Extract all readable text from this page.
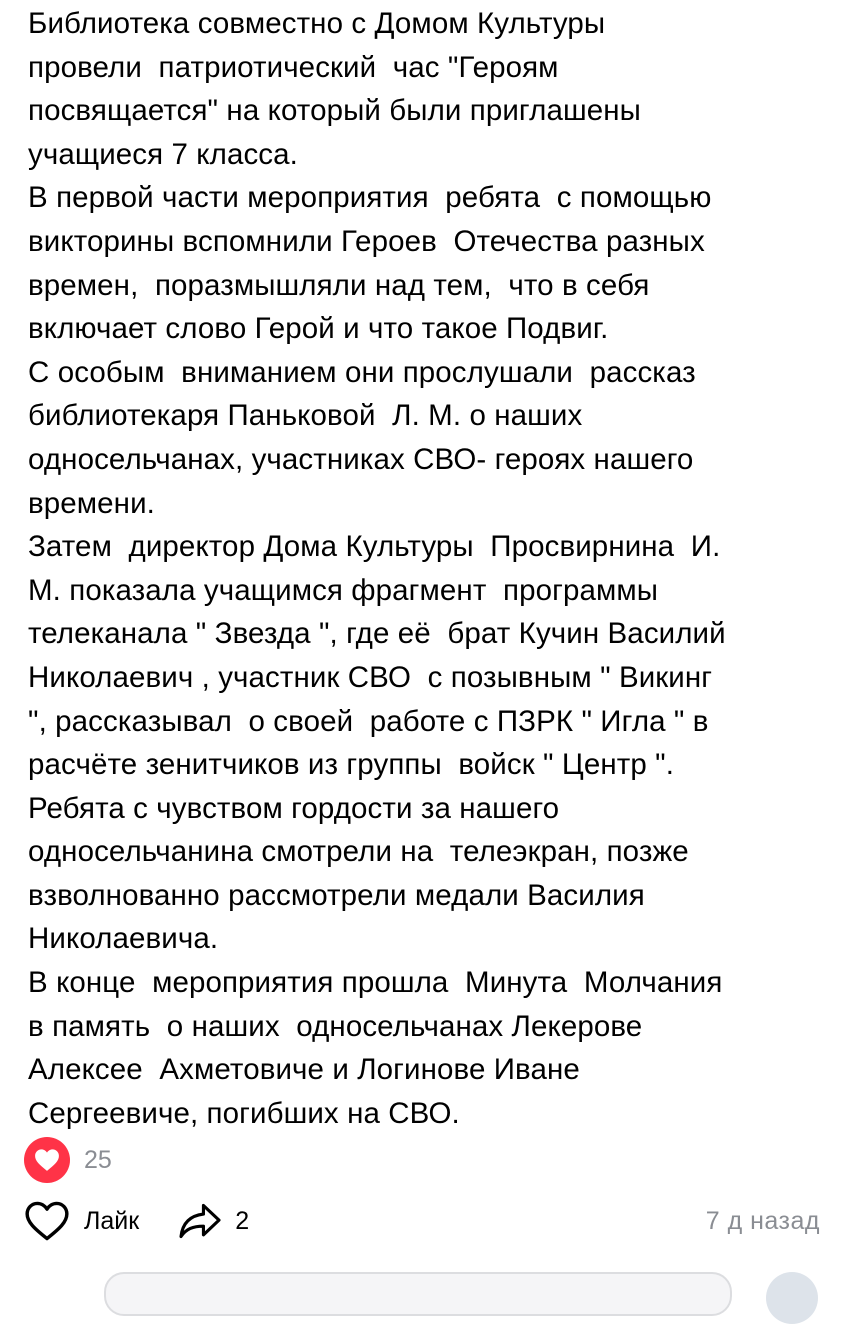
Библиотека совместно с Домом Культуры
провели  патриотический  час "Героям
посвящается" на который были приглашены
учащиеся 7 класса.
В первой части мероприятия  ребята  с помощью
викторины вспомнили Героев  Отечества разных
времен,  поразмышляли над тем,  что в себя
включает слово Герой и что такое Подвиг.
С особым  вниманием они прослушали  рассказ
библиотекаря Паньковой  Л. М. о наших
односельчанах, участниках СВО- героях нашего
времени.
Затем  директор Дома Культуры  Просвирнина  И.
М. показала учащимся фрагмент  программы
телеканала " Звезда ", где её  брат Кучин Василий
Николаевич , участник СВО  с позывным " Викинг
", рассказывал  о своей  работе с ПЗРК " Игла " в
расчёте зенитчиков из группы  войск " Центр ".
Ребята с чувством гордости за нашего
односельчанина смотрели на  телеэкран, позже
взволнованно рассмотрели медали Василия
Николаевича.
В конце  мероприятия прошла  Минута  Молчания
в память  о наших  односельчанах Лекерове
Алексее  Ахметовиче и Логинове Иване
Сергеевиче, погибших на СВО.
25
Лайк	2	7 д назад
